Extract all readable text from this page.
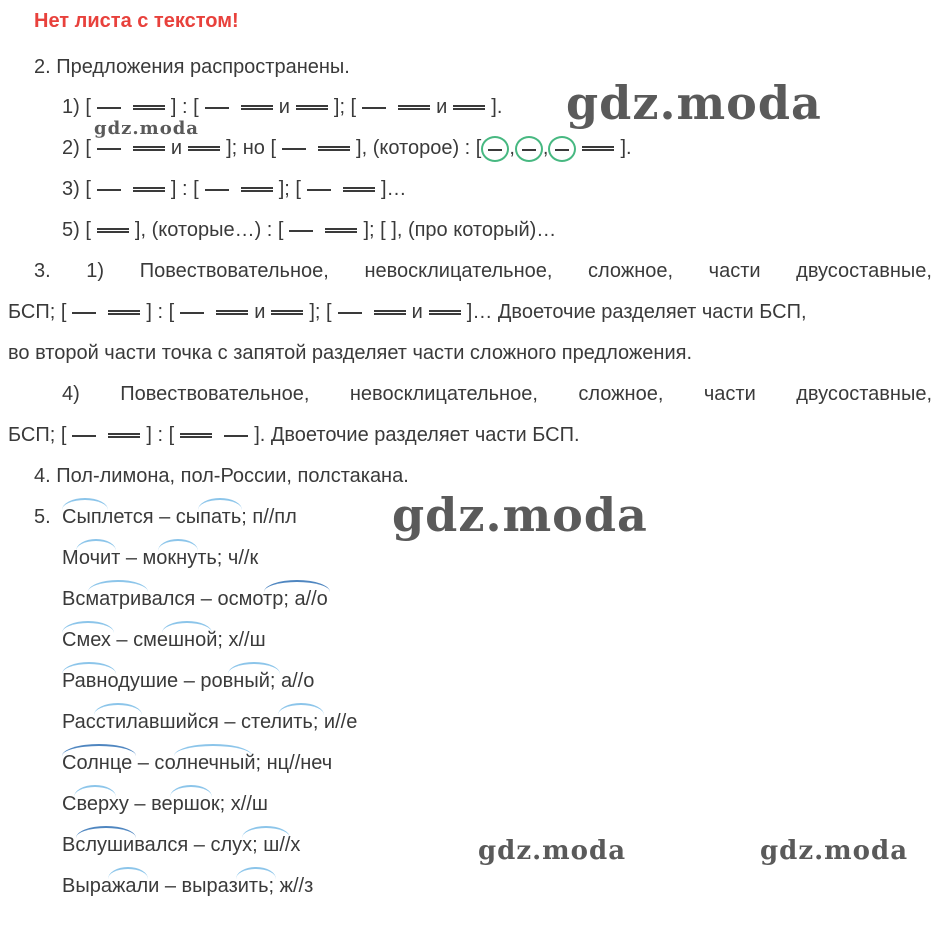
Нет листа с текстом!
2. Предложения распространены.
1) [	] : [	и ]; [	и ].
2) [	и ]; но [	], (которое) : [ , ,	].
3) [	] : [	]; [	]…
5) [ ], (которые…) : [	]; [ ], (про который)…
3. 1) Повествовательное, невосклицательное, сложное, части двусоставные,
БСП; [	] : [	и ]; [	и ]… Двоеточие разделяет части БСП,
во второй части точка с запятой разделяет части сложного предложения.
4) Повествовательное, невосклицательное, сложное, части двусоставные,
БСП; [	] : [	]. Двоеточие разделяет части БСП.
4. Пол-лимона, пол-России, полстакана.
5. Сыплется – сыпать; п//пл
Мочит – мокнуть; ч//к
Всматривался – осмотр; а//о
Смех – смешной; х//ш
Равнодушие – ровный; а//о
Расстилавшийся – стелить; и//е
Солнце – солнечный; нц//неч
Сверху – вершок; х//ш
Вслушивался – слух; ш//х
Выражали – выразить; ж//з
gdz.moda
gdz.moda
gdz.moda
gdz.moda	gdz.moda
